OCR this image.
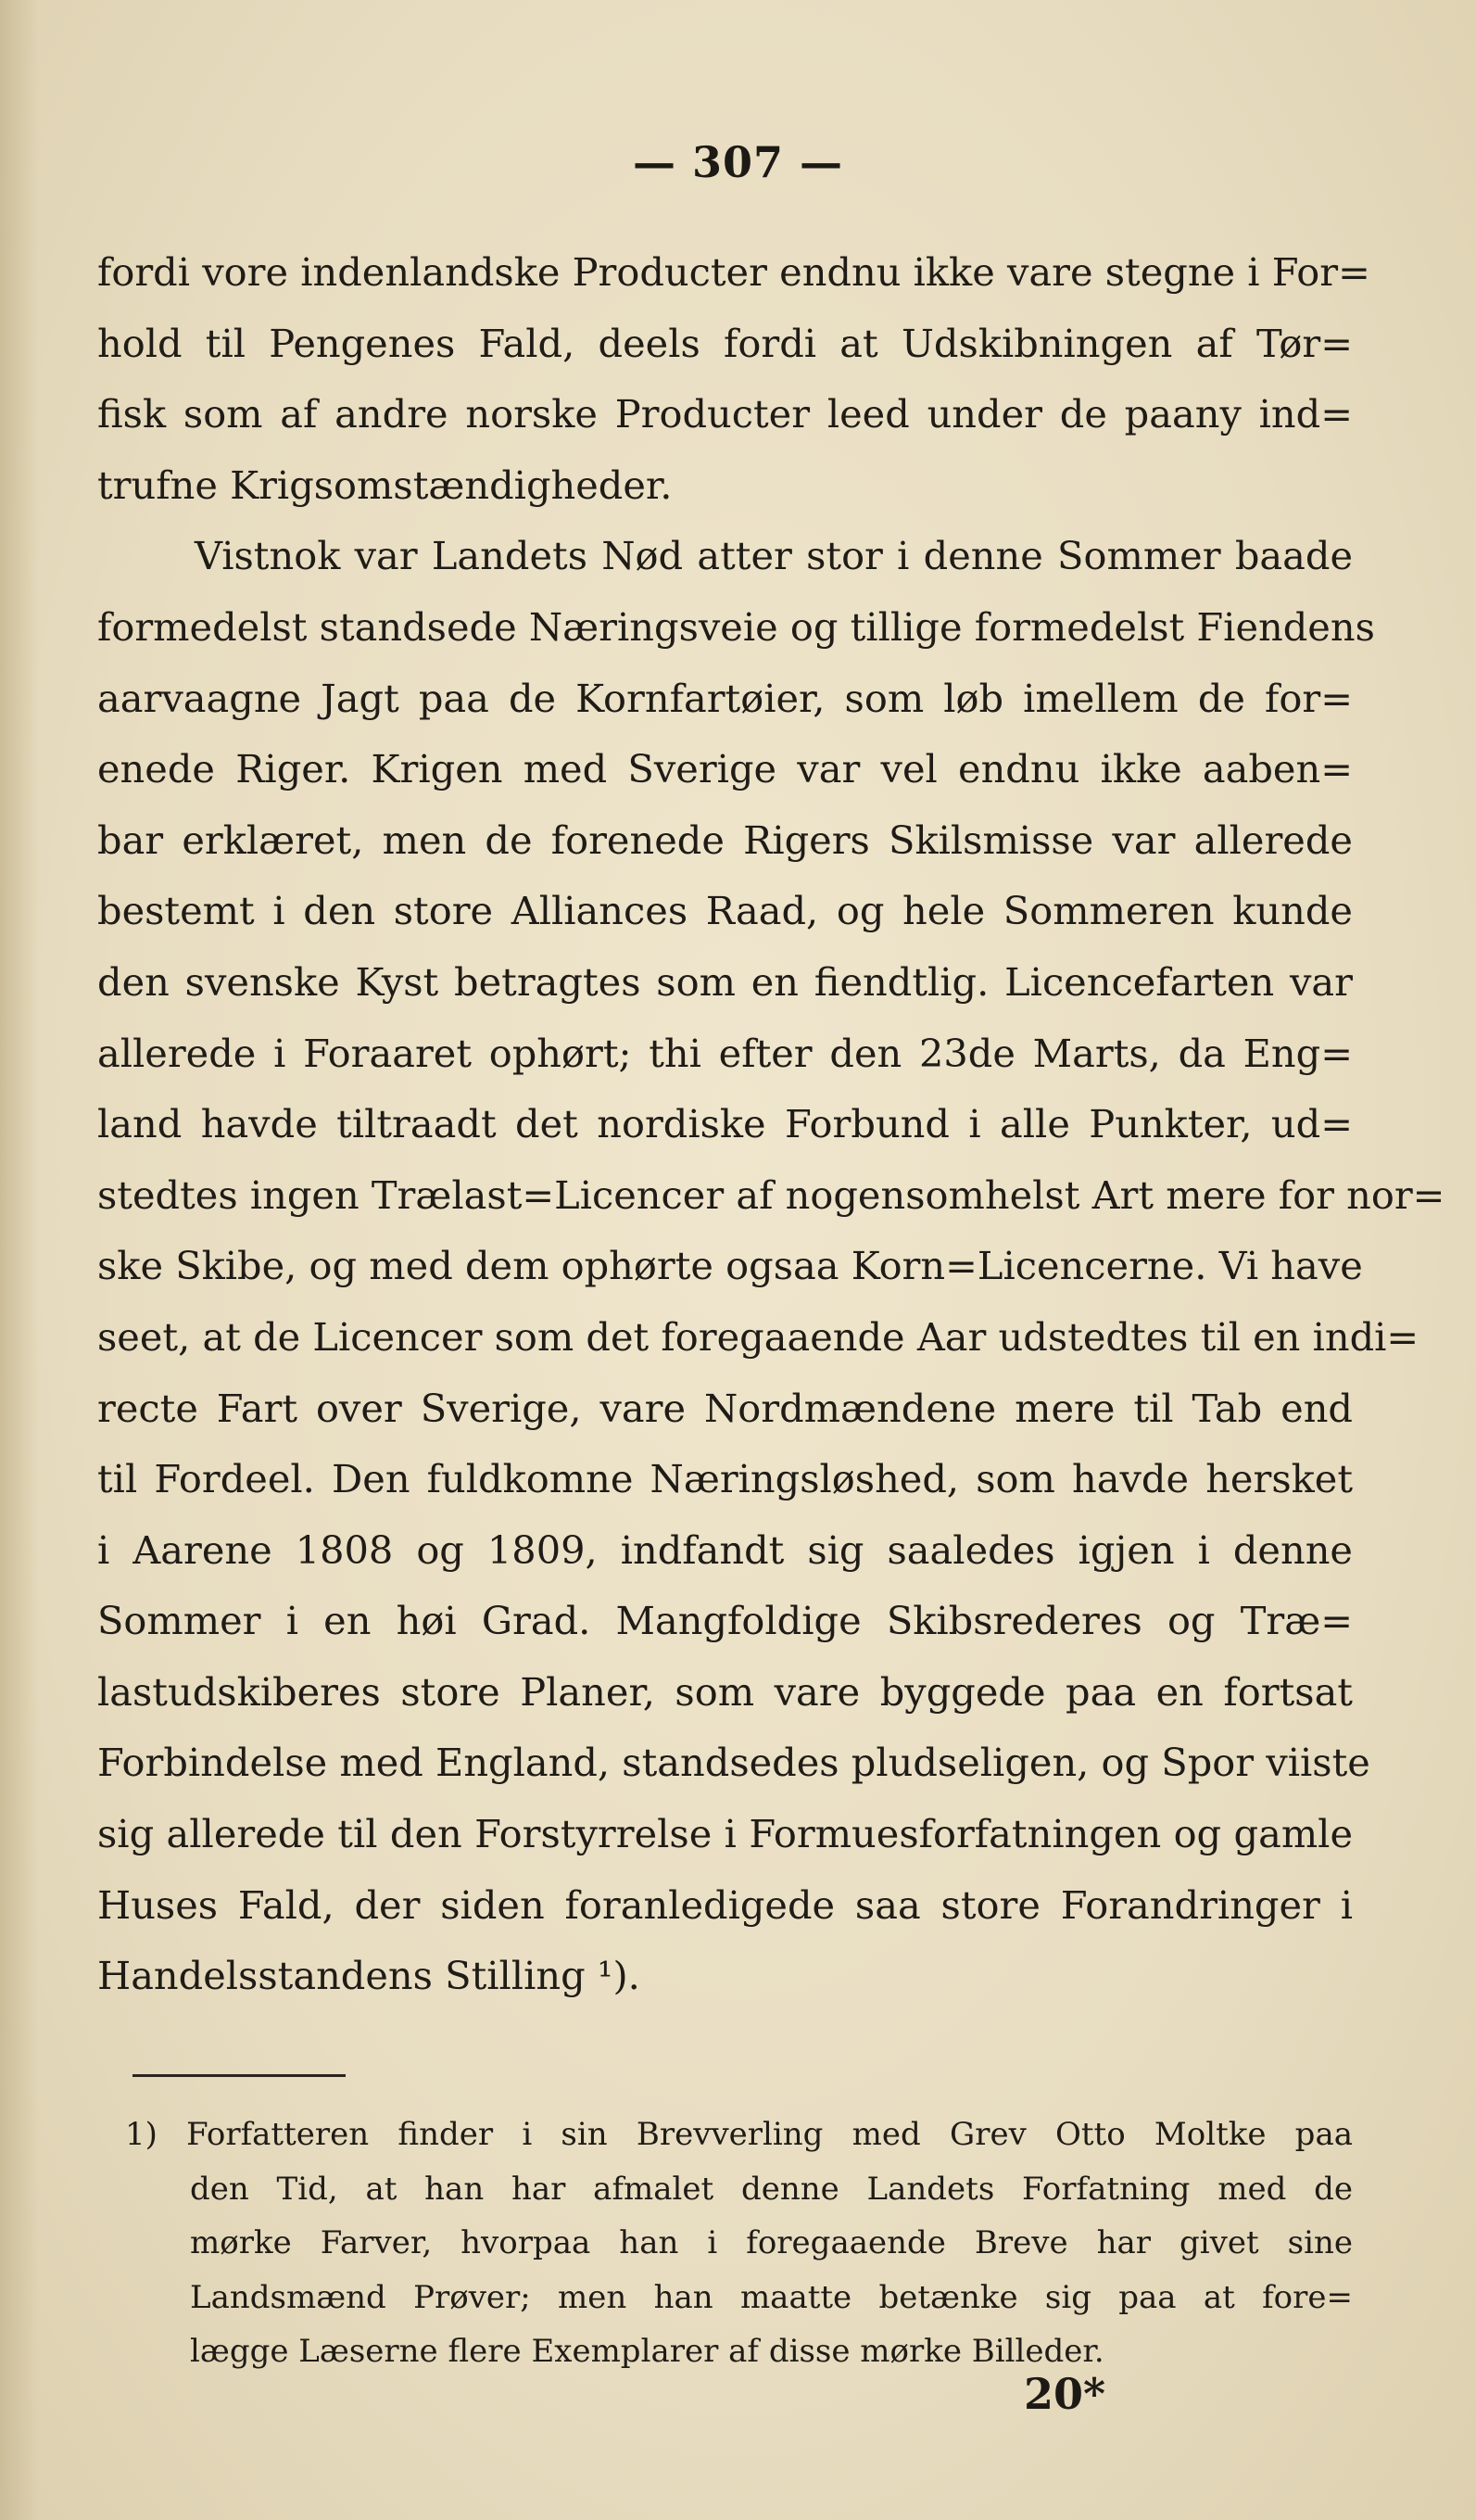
— 307 —
fordi vore indenlandske Producter endnu ikke vare stegne i For=
hold til Pengenes Fald, deels fordi at Udskibningen af Tør=
fisk som af andre norske Producter leed under de paany ind=
trufne Krigsomstændigheder.
Vistnok var Landets Nød atter stor i denne Sommer baade
formedelst standsede Næringsveie og tillige formedelst Fiendens
aarvaagne Jagt paa de Kornfartøier, som løb imellem de for=
enede Riger. Krigen med Sverige var vel endnu ikke aaben=
bar erklæret, men de forenede Rigers Skilsmisse var allerede
bestemt i den store Alliances Raad, og hele Sommeren kunde
den svenske Kyst betragtes som en fiendtlig. Licencefarten var
allerede i Foraaret ophørt; thi efter den 23de Marts, da Eng=
land havde tiltraadt det nordiske Forbund i alle Punkter, ud=
stedtes ingen Trælast=Licencer af nogensomhelst Art mere for nor=
ske Skibe, og med dem ophørte ogsaa Korn=Licencerne. Vi have
seet, at de Licencer som det foregaaende Aar udstedtes til en indi=
recte Fart over Sverige, vare Nordmændene mere til Tab end
til Fordeel. Den fuldkomne Næringsløshed, som havde hersket
i Aarene 1808 og 1809, indfandt sig saaledes igjen i denne
Sommer i en høi Grad. Mangfoldige Skibsrederes og Træ=
lastudskiberes store Planer, som vare byggede paa en fortsat
Forbindelse med England, standsedes pludseligen, og Spor viiste
sig allerede til den Forstyrrelse i Formuesforfatningen og gamle
Huses Fald, der siden foranledigede saa store Forandringer i
Handelsstandens Stilling ¹).
1) Forfatteren finder i sin Brevverling med Grev Otto Moltke paa
den Tid, at han har afmalet denne Landets Forfatning med de
mørke Farver, hvorpaa han i foregaaende Breve har givet sine
Landsmænd Prøver; men han maatte betænke sig paa at fore=
lægge Læserne flere Exemplarer af disse mørke Billeder.
20*
